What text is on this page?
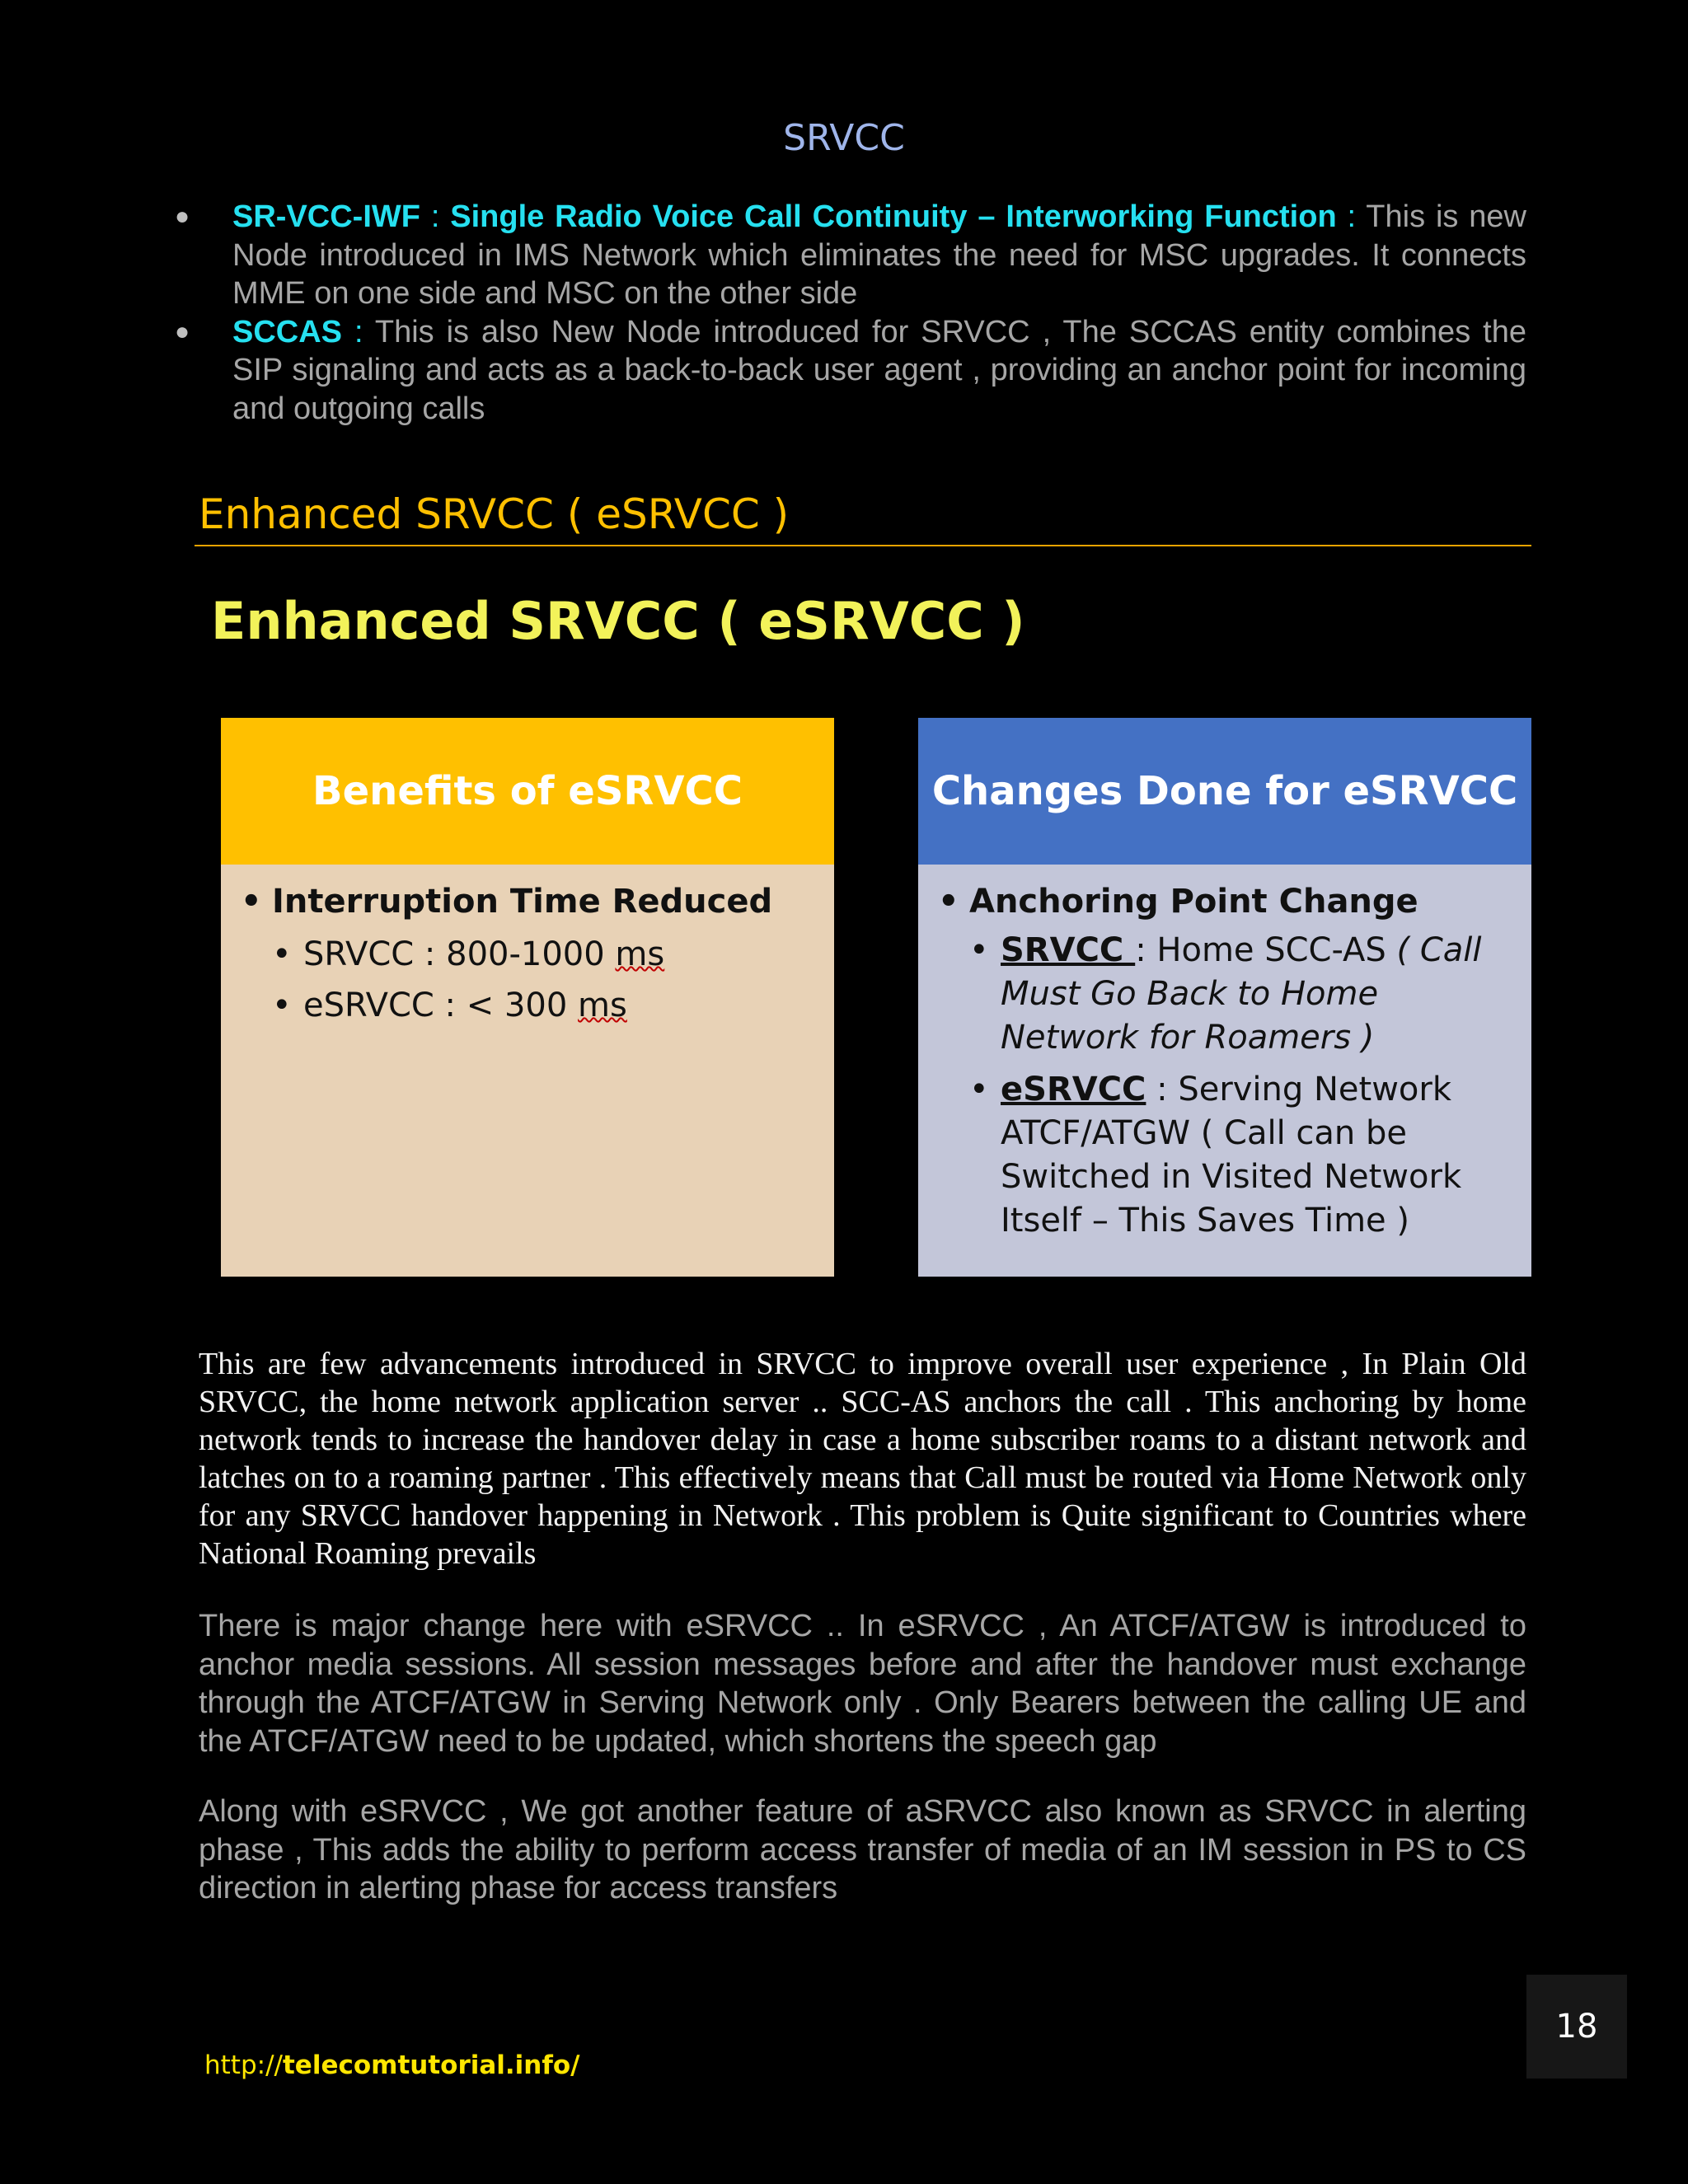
SRVCC
● SR-VCC-IWF : Single Radio Voice Call Continuity – Interworking Function : This is new Node introduced in IMS Network which eliminates the need for MSC upgrades. It connects MME on one side and MSC on the other side
● SCCAS : This is also New Node introduced for SRVCC , The SCCAS entity combines the SIP signaling and acts as a back-to-back user agent , providing an anchor point for incoming and outgoing calls
Enhanced SRVCC ( eSRVCC )
Enhanced SRVCC ( eSRVCC )
Benefits of eSRVCC
• Interruption Time Reduced
• SRVCC : 800-1000 ms
• eSRVCC : < 300 ms
Changes Done for eSRVCC
• Anchoring Point Change
• SRVCC : Home SCC-AS ( Call Must Go Back to Home Network for Roamers )
• eSRVCC : Serving Network ATCF/ATGW ( Call can be Switched in Visited Network Itself – This Saves Time )

This are few advancements introduced in SRVCC to improve overall user experience , In Plain Old SRVCC, the home network application server .. SCC-AS anchors the call . This anchoring by home network tends to increase the handover delay in case a home subscriber roams to a distant network and latches on to a roaming partner . This effectively means that Call must be routed via Home Network only for any SRVCC handover happening in Network . This problem is Quite significant to Countries where National Roaming prevails

There is major change here with eSRVCC .. In eSRVCC , An ATCF/ATGW is introduced to anchor media sessions. All session messages before and after the handover must exchange through the ATCF/ATGW in Serving Network only . Only Bearers between the calling UE and the ATCF/ATGW need to be updated, which shortens the speech gap

Along with eSRVCC , We got another feature of aSRVCC also known as SRVCC in alerting phase , This adds the ability to perform access transfer of media of an IM session in PS to CS direction in alerting phase for access transfers

18
http://telecomtutorial.info/
